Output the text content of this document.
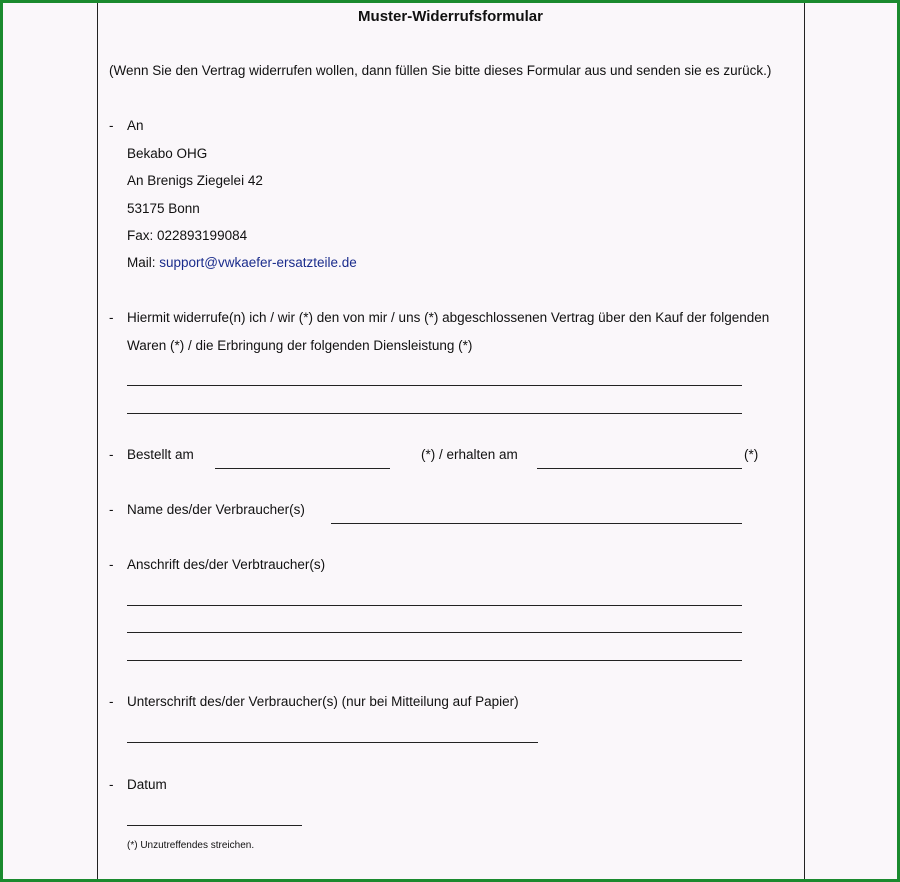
Muster-Widerrufsformular
(Wenn Sie den Vertrag widerrufen wollen, dann füllen Sie bitte dieses Formular aus und senden sie es zurück.)
- An
Bekabo OHG
An Brenigs Ziegelei 42
53175 Bonn
Fax: 022893199084
Mail: support@vwkaefer-ersatzteile.de
- Hiermit widerrufe(n) ich / wir (*) den von mir / uns (*) abgeschlossenen Vertrag über den Kauf der folgenden
Waren (*) / die Erbringung der folgenden Diensleistung (*)
- Bestellt am	(*) / erhalten am	(*)
- Name des/der Verbraucher(s)
- Anschrift des/der Verbtraucher(s)
- Unterschrift des/der Verbraucher(s) (nur bei Mitteilung auf Papier)
- Datum
(*) Unzutreffendes streichen.
